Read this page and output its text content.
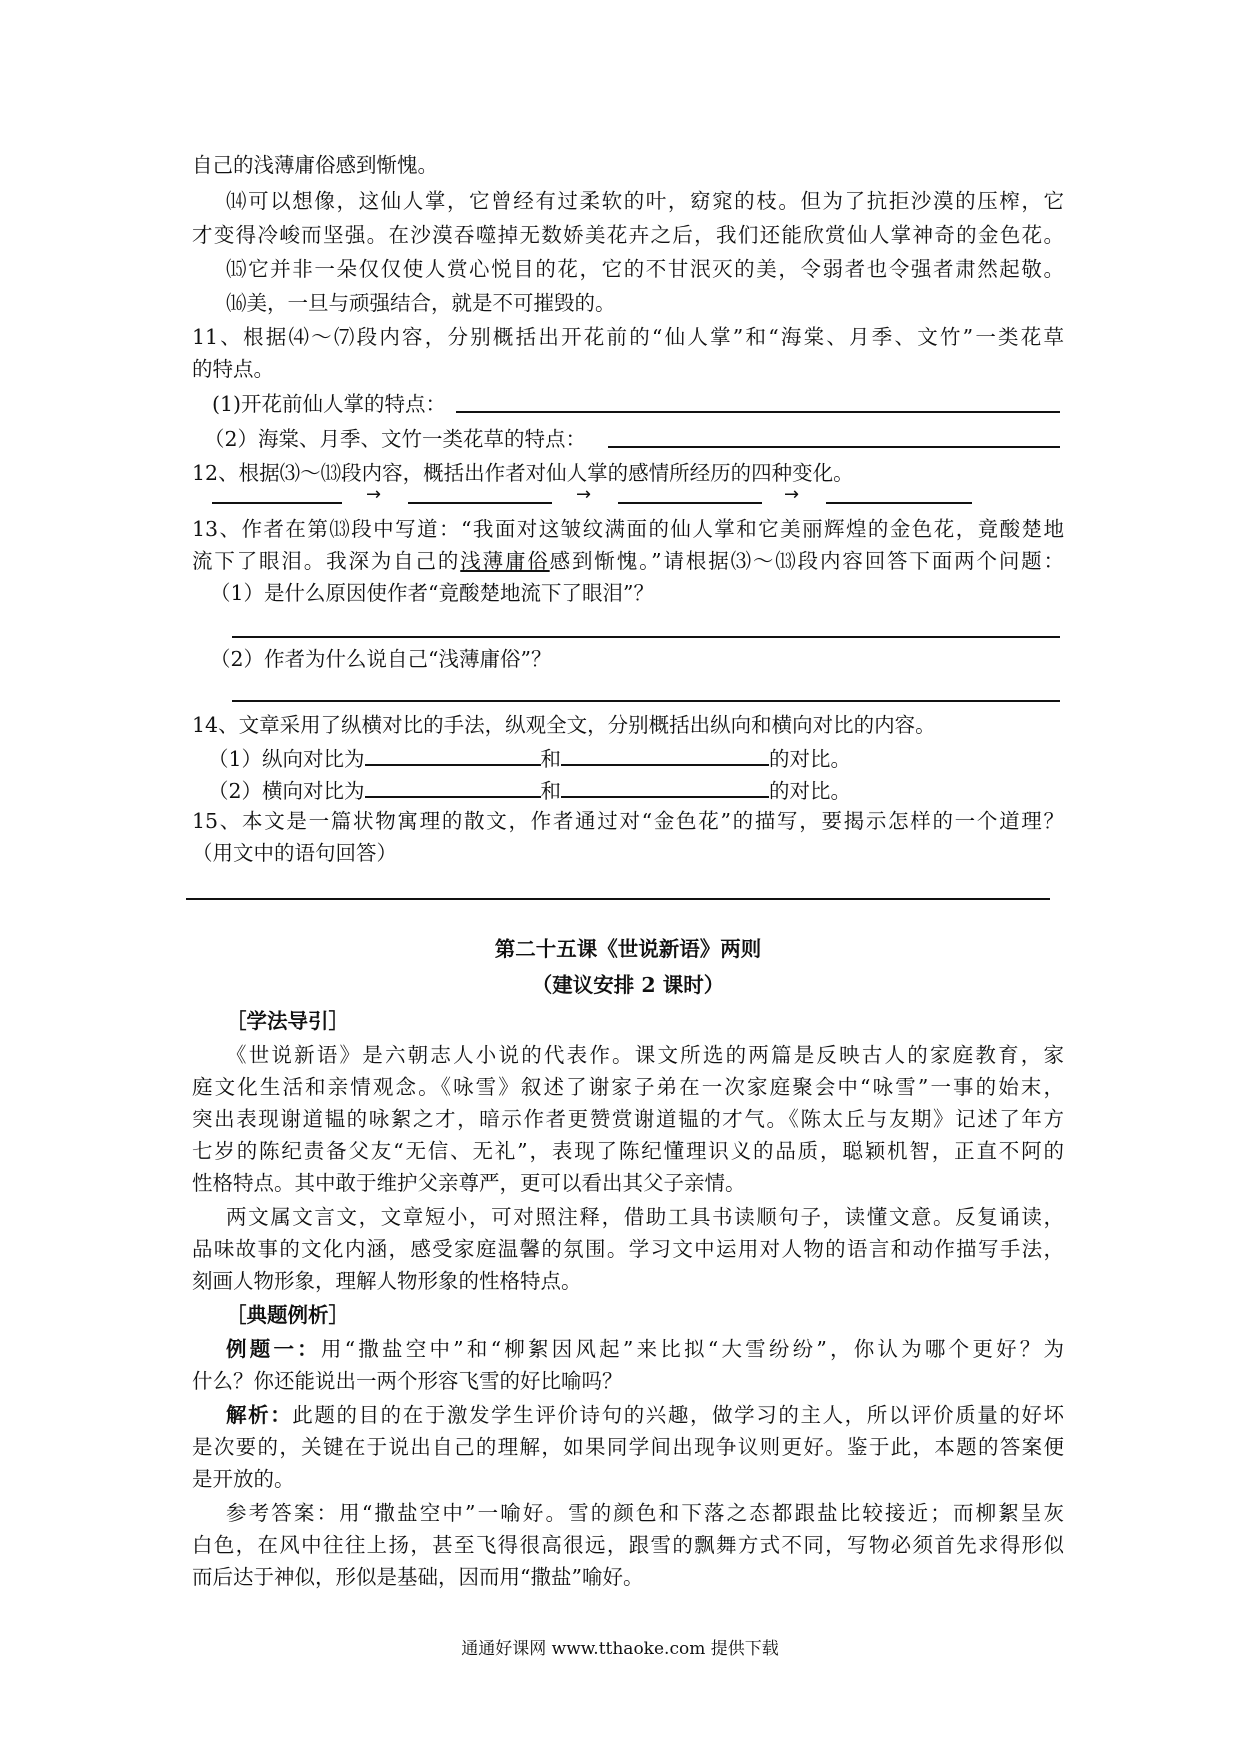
自己的浅薄庸俗感到惭愧。
⒁可以想像，这仙人掌，它曾经有过柔软的叶，窈窕的枝。但为了抗拒沙漠的压榨，它
才变得冷峻而坚强。在沙漠吞噬掉无数娇美花卉之后，我们还能欣赏仙人掌神奇的金色花。
⒂它并非一朵仅仅使人赏心悦目的花，它的不甘泯灭的美，令弱者也令强者肃然起敬。
⒃美，一旦与顽强结合，就是不可摧毁的。
11、根据⑷～⑺段内容，分别概括出开花前的“仙人掌”和“海棠、月季、文竹”一类花草
的特点。
(1)开花前仙人掌的特点：
（2）海棠、月季、文竹一类花草的特点：
12、根据⑶～⒀段内容，概括出作者对仙人掌的感情所经历的四种变化。
→	→	→
13、作者在第⒀段中写道：“我面对这皱纹满面的仙人掌和它美丽辉煌的金色花，竟酸楚地
流下了眼泪。我深为自己的浅薄庸俗感到惭愧。”请根据⑶～⒀段内容回答下面两个问题：
（1）是什么原因使作者“竟酸楚地流下了眼泪”？
（2）作者为什么说自己“浅薄庸俗”？
14、文章采用了纵横对比的手法，纵观全文，分别概括出纵向和横向对比的内容。
（1）纵向对比为	和	的对比。
（2）横向对比为	和	的对比。
15、本文是一篇状物寓理的散文，作者通过对“金色花”的描写，要揭示怎样的一个道理？
（用文中的语句回答）
第二十五课《世说新语》两则
（建议安排 2 课时）
［学法导引］
《世说新语》是六朝志人小说的代表作。课文所选的两篇是反映古人的家庭教育，家
庭文化生活和亲情观念。《咏雪》叙述了谢家子弟在一次家庭聚会中“咏雪”一事的始末，
突出表现谢道韫的咏絮之才，暗示作者更赞赏谢道韫的才气。《陈太丘与友期》记述了年方
七岁的陈纪责备父友“无信、无礼”，表现了陈纪懂理识义的品质，聪颖机智，正直不阿的
性格特点。其中敢于维护父亲尊严，更可以看出其父子亲情。
两文属文言文，文章短小，可对照注释，借助工具书读顺句子，读懂文意。反复诵读，
品味故事的文化内涵，感受家庭温馨的氛围。学习文中运用对人物的语言和动作描写手法，
刻画人物形象，理解人物形象的性格特点。
［典题例析］
例题一：用“撒盐空中”和“柳絮因风起”来比拟“大雪纷纷”，你认为哪个更好？为
什么？你还能说出一两个形容飞雪的好比喻吗？
解析：此题的目的在于激发学生评价诗句的兴趣，做学习的主人，所以评价质量的好坏
是次要的，关键在于说出自己的理解，如果同学间出现争议则更好。鉴于此，本题的答案便
是开放的。
参考答案：用“撒盐空中”一喻好。雪的颜色和下落之态都跟盐比较接近；而柳絮呈灰
白色，在风中往往上扬，甚至飞得很高很远，跟雪的飘舞方式不同，写物必须首先求得形似
而后达于神似，形似是基础，因而用“撒盐”喻好。
通通好课网 www.tthaoke.com 提供下载
